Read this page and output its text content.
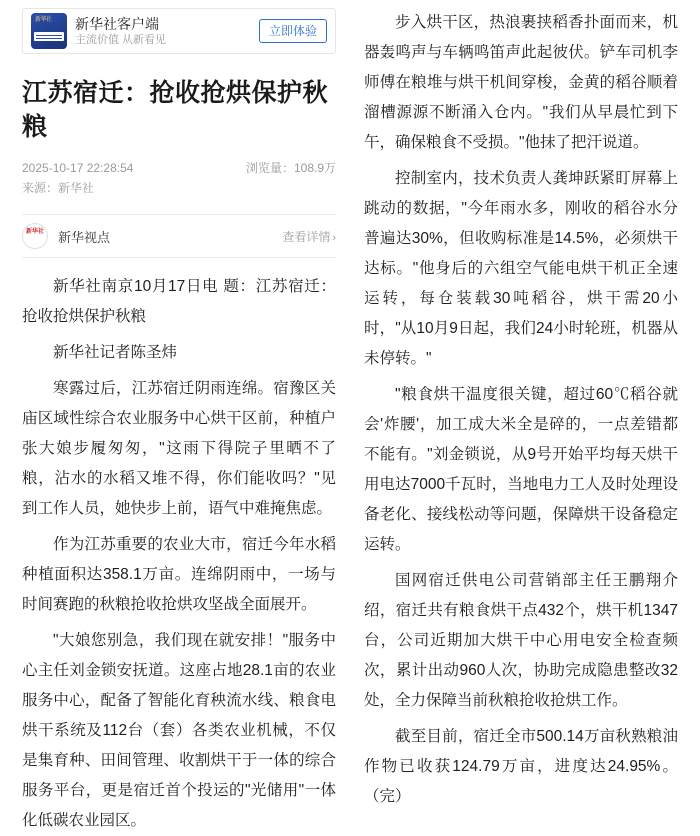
新华社 新华社客户端
主流价值 从新看见
立即体验
江苏宿迁：抢收抢烘保护秋粮
2025-10-17 22:28:54	浏览量：108.9万
来源：新华社
新华社 新华视点	查看详情 ›

新华社南京10月17日电 题：江苏宿迁：抢收抢烘保护秋粮

新华社记者陈圣炜

寒露过后，江苏宿迁阴雨连绵。宿豫区关庙区域性综合农业服务中心烘干区前，种植户张大娘步履匆匆，"这雨下得院子里晒不了粮，沾水的水稻又堆不得，你们能收吗？"见到工作人员，她快步上前，语气中难掩焦虑。

作为江苏重要的农业大市，宿迁今年水稻种植面积达358.1万亩。连绵阴雨中，一场与时间赛跑的秋粮抢收抢烘攻坚战全面展开。

"大娘您别急，我们现在就安排！"服务中心主任刘金锁安抚道。这座占地28.1亩的农业服务中心，配备了智能化育秧流水线、粮食电烘干系统及112台（套）各类农业机械，不仅是集育种、田间管理、收割烘干于一体的综合服务平台，更是宿迁首个投运的"光储用"一体化低碳农业园区。

步入烘干区，热浪裹挟稻香扑面而来，机器轰鸣声与车辆鸣笛声此起彼伏。铲车司机李师傅在粮堆与烘干机间穿梭，金黄的稻谷顺着溜槽源源不断涌入仓内。"我们从早晨忙到下午，确保粮食不受损。"他抹了把汗说道。

控制室内，技术负责人龚坤跃紧盯屏幕上跳动的数据，"今年雨水多，刚收的稻谷水分普遍达30%，但收购标准是14.5%，必须烘干达标。"他身后的六组空气能电烘干机正全速运转，每仓装载30吨稻谷，烘干需20小时，"从10月9日起，我们24小时轮班，机器从未停转。"

"粮食烘干温度很关键，超过60℃稻谷就会'炸腰'，加工成大米全是碎的，一点差错都不能有。"刘金锁说，从9号开始平均每天烘干用电达7000千瓦时，当地电力工人及时处理设备老化、接线松动等问题，保障烘干设备稳定运转。

国网宿迁供电公司营销部主任王鹏翔介绍，宿迁共有粮食烘干点432个，烘干机1347台，公司近期加大烘干中心用电安全检查频次，累计出动960人次，协助完成隐患整改32处，全力保障当前秋粮抢收抢烘工作。

截至目前，宿迁全市500.14万亩秋熟粮油作物已收获124.79万亩，进度达24.95%。（完）
